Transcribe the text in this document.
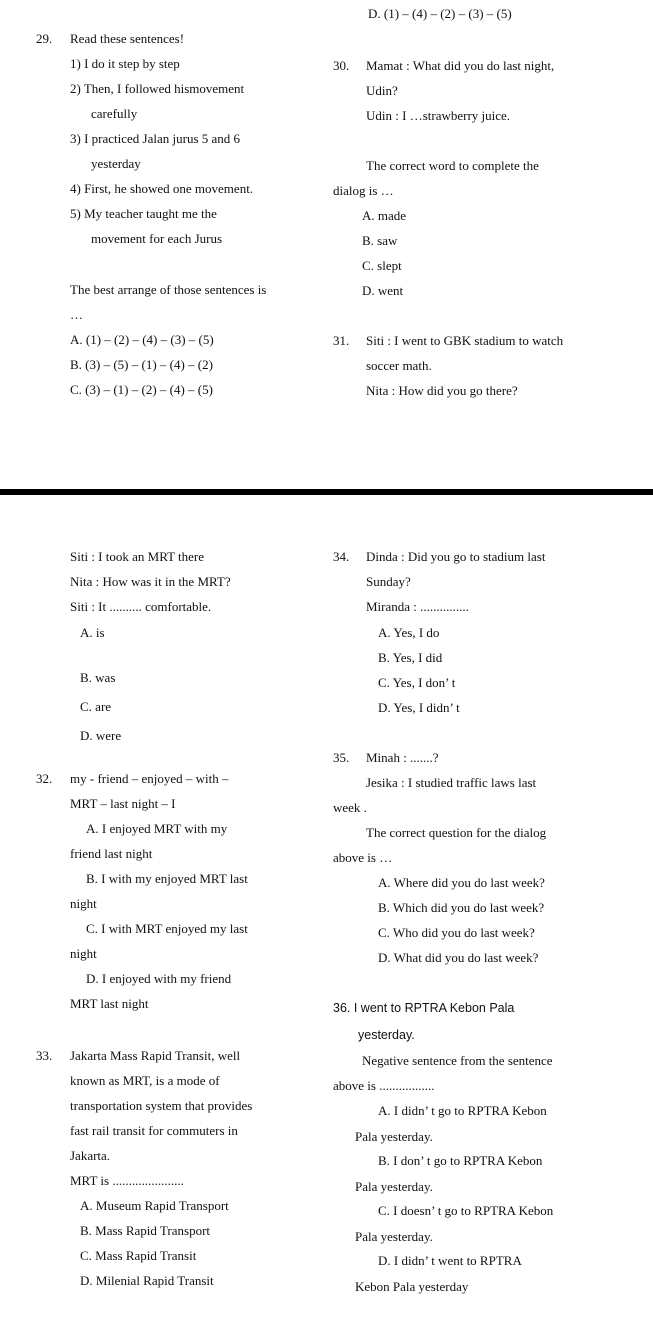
D. (1) – (4) – (2) – (3) – (5)
29. Read these sentences!
1) I do it step by step
2) Then, I followed hismovement
carefully
3) I practiced Jalan jurus 5 and 6
yesterday
4) First, he showed one movement.
5) My teacher taught me the
movement for each Jurus
The best arrange of those sentences is
…
A. (1) – (2) – (4) – (3) – (5)
B. (3) – (5) – (1) – (4) – (2)
C. (3) – (1) – (2) – (4) – (5)
30. Mamat : What did you do last night,
Udin?
Udin : I …strawberry juice.
The correct word to complete the
dialog is …
A. made
B. saw
C. slept
D. went
31. Siti : I went to GBK stadium to watch
soccer math.
Nita : How did you go there?
Siti : I took an MRT there
Nita : How was it in the MRT?
Siti : It .......... comfortable.
A. is
B. was
C. are
D. were
32. my - friend – enjoyed – with –
MRT – last night – I
A. I enjoyed MRT with my
friend last night
B. I with my enjoyed MRT last
night
C. I with MRT enjoyed my last
night
D. I enjoyed with my friend
MRT last night
33. Jakarta Mass Rapid Transit, well
known as MRT, is a mode of
transportation system that provides
fast rail transit for commuters in
Jakarta.
MRT is ......................
A. Museum Rapid Transport
B. Mass Rapid Transport
C. Mass Rapid Transit
D. Milenial Rapid Transit
34. Dinda : Did you go to stadium last
Sunday?
Miranda : ...............
A. Yes, I do
B. Yes, I did
C. Yes, I don’ t
D. Yes, I didn’ t
35. Minah : .......?
Jesika : I studied traffic laws last
week .
The correct question for the dialog
above is …
A. Where did you do last week?
B. Which did you do last week?
C. Who did you do last week?
D. What did you do last week?
36. I went to RPTRA Kebon Pala
yesterday.
Negative sentence from the sentence
above is .................
A. I didn’ t go to RPTRA Kebon
Pala yesterday.
B. I don’ t go to RPTRA Kebon
Pala yesterday.
C. I doesn’ t go to RPTRA Kebon
Pala yesterday.
D. I didn’ t went to RPTRA
Kebon Pala yesterday
